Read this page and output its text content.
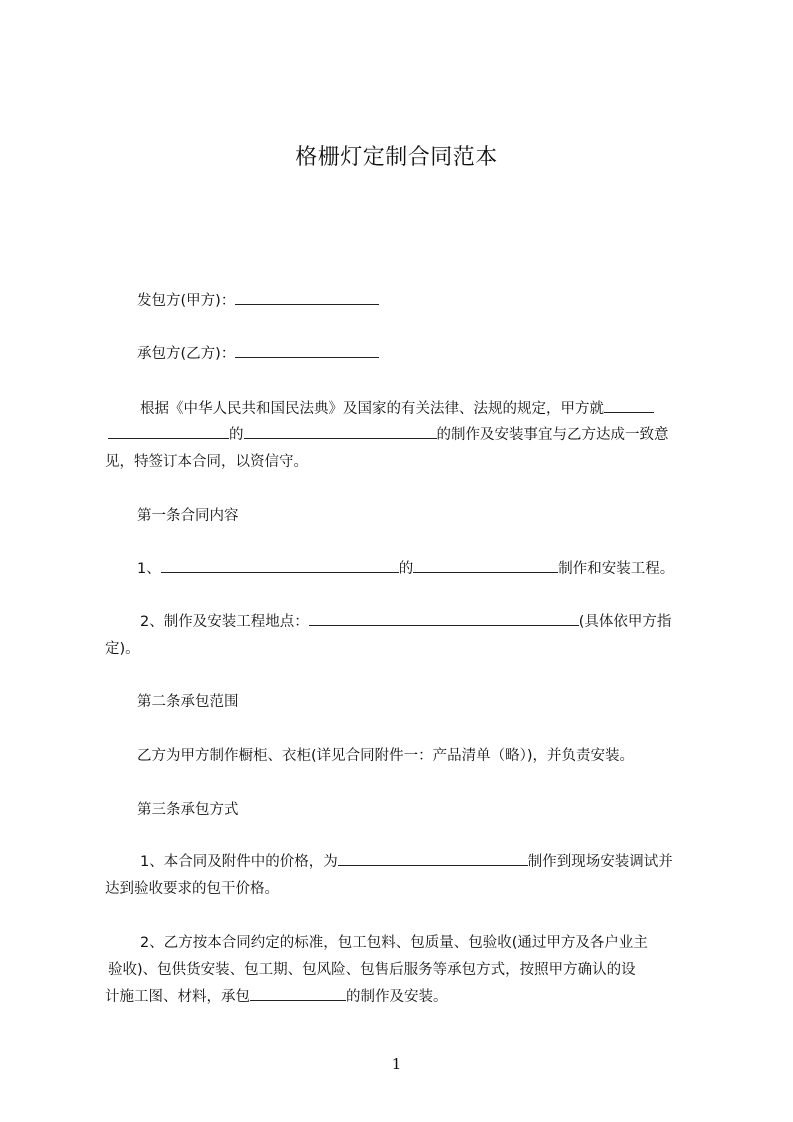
格栅灯定制合同范本
发包方(甲方)：
承包方(乙方)：
根据《中华人民共和国民法典》及国家的有关法律、法规的规定，甲方就
的	的制作及安装事宜与乙方达成一致意
见，特签订本合同，以资信守。
第一条合同内容
1、	的	制作和安装工程。
2、制作及安装工程地点：	(具体依甲方指
定)。
第二条承包范围
乙方为甲方制作橱柜、衣柜(详见合同附件一：产品清单（略）)，并负责安装。
第三条承包方式
1、本合同及附件中的价格，为	制作到现场安装调试并
达到验收要求的包干价格。
2、乙方按本合同约定的标准，包工包料、包质量、包验收(通过甲方及各户业主
验收)、包供货安装、包工期、包风险、包售后服务等承包方式，按照甲方确认的设
计施工图、材料，承包	的制作及安装。
1
